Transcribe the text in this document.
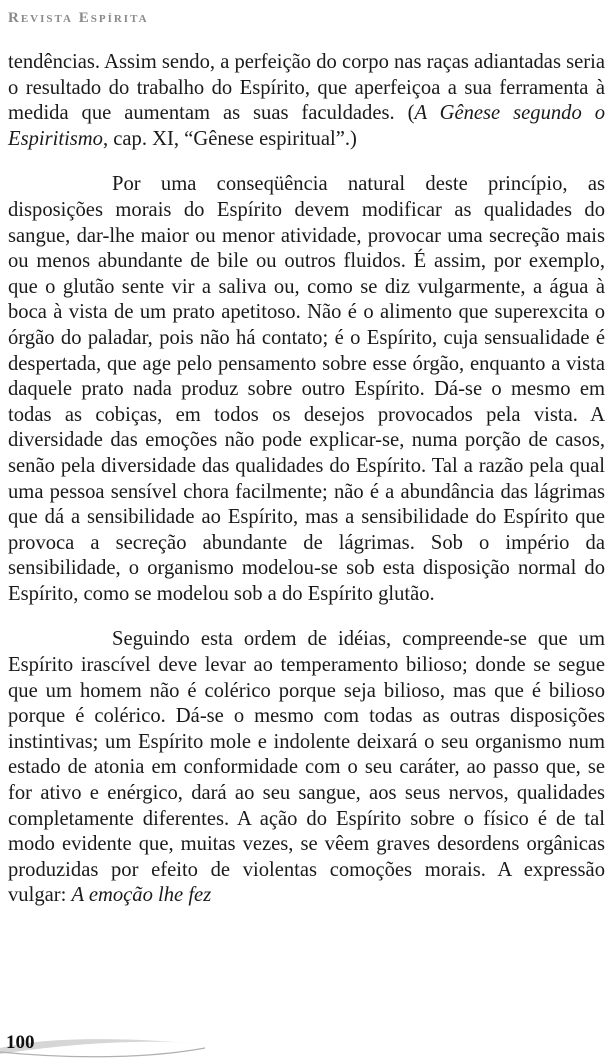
Revista Espírita

tendências. Assim sendo, a perfeição do corpo nas raças adiantadas seria o resultado do trabalho do Espírito, que aperfeiçoa a sua ferramenta à medida que aumentam as suas faculdades. (A Gênese segundo o Espiritismo, cap. XI, “Gênese espiritual”.)

Por uma conseqüência natural deste princípio, as disposições morais do Espírito devem modificar as qualidades do sangue, dar-lhe maior ou menor atividade, provocar uma secreção mais ou menos abundante de bile ou outros fluidos. É assim, por exemplo, que o glutão sente vir a saliva ou, como se diz vulgarmente, a água à boca à vista de um prato apetitoso. Não é o alimento que superexcita o órgão do paladar, pois não há contato; é o Espírito, cuja sensualidade é despertada, que age pelo pensamento sobre esse órgão, enquanto a vista daquele prato nada produz sobre outro Espírito. Dá-se o mesmo em todas as cobiças, em todos os desejos provocados pela vista. A diversidade das emoções não pode explicar-se, numa porção de casos, senão pela diversidade das qualidades do Espírito. Tal a razão pela qual uma pessoa sensível chora facilmente; não é a abundância das lágrimas que dá a sensibilidade ao Espírito, mas a sensibilidade do Espírito que provoca a secreção abundante de lágrimas. Sob o império da sensibilidade, o organismo modelou-se sob esta disposição normal do Espírito, como se modelou sob a do Espírito glutão.

Seguindo esta ordem de idéias, compreende-se que um Espírito irascível deve levar ao temperamento bilioso; donde se segue que um homem não é colérico porque seja bilioso, mas que é bilioso porque é colérico. Dá-se o mesmo com todas as outras disposições instintivas; um Espírito mole e indolente deixará o seu organismo num estado de atonia em conformidade com o seu caráter, ao passo que, se for ativo e enérgico, dará ao seu sangue, aos seus nervos, qualidades completamente diferentes. A ação do Espírito sobre o físico é de tal modo evidente que, muitas vezes, se vêem graves desordens orgânicas produzidas por efeito de violentas comoções morais. A expressão vulgar: A emoção lhe fez

100
